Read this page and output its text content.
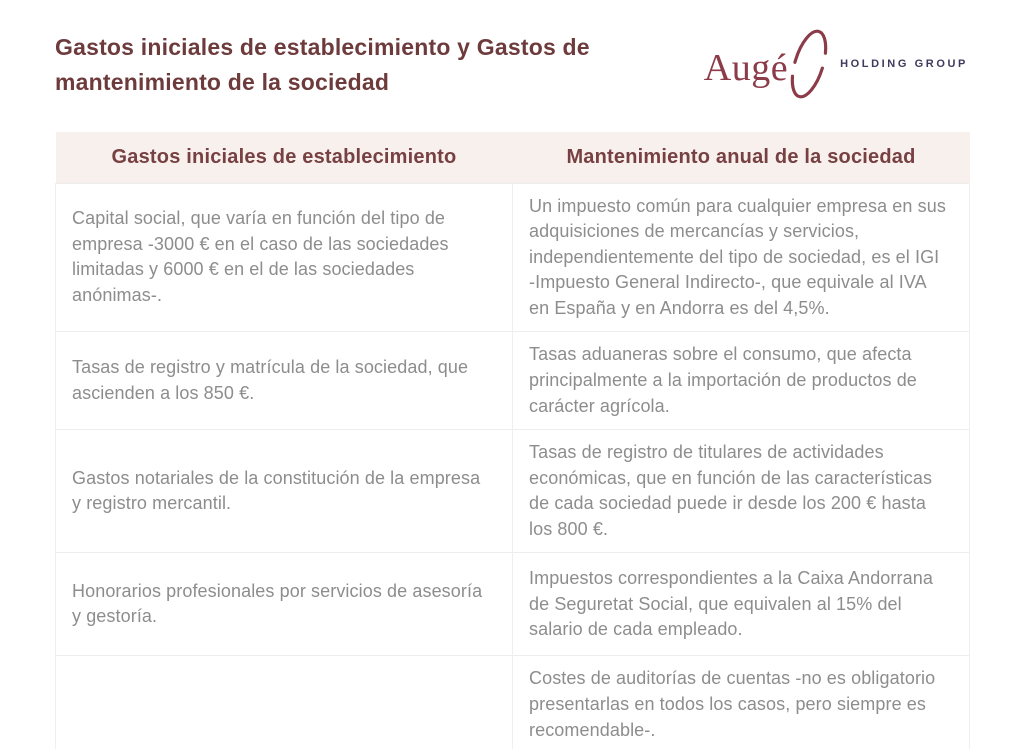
Gastos iniciales de establecimiento y Gastos de mantenimiento de la sociedad	Augé	HOLDING GROUP
Gastos iniciales de establecimiento	Mantenimiento anual de la sociedad
Capital social, que varía en función del tipo de empresa -3000 € en el caso de las sociedades limitadas y 6000 € en el de las sociedades anónimas-.	Un impuesto común para cualquier empresa en sus adquisiciones de mercancías y servicios, independientemente del tipo de sociedad, es el IGI -Impuesto General Indirecto-, que equivale al IVA en España y en Andorra es del 4,5%.
Tasas de registro y matrícula de la sociedad, que ascienden a los 850 €.	Tasas aduaneras sobre el consumo, que afecta principalmente a la importación de productos de carácter agrícola.
Gastos notariales de la constitución de la empresa y registro mercantil.	Tasas de registro de titulares de actividades económicas, que en función de las características de cada sociedad puede ir desde los 200 € hasta los 800 €.
Honorarios profesionales por servicios de asesoría y gestoría.	Impuestos correspondientes a la Caixa Andorrana de Seguretat Social, que equivalen al 15% del salario de cada empleado.
	Costes de auditorías de cuentas -no es obligatorio presentarlas en todos los casos, pero siempre es recomendable-.
